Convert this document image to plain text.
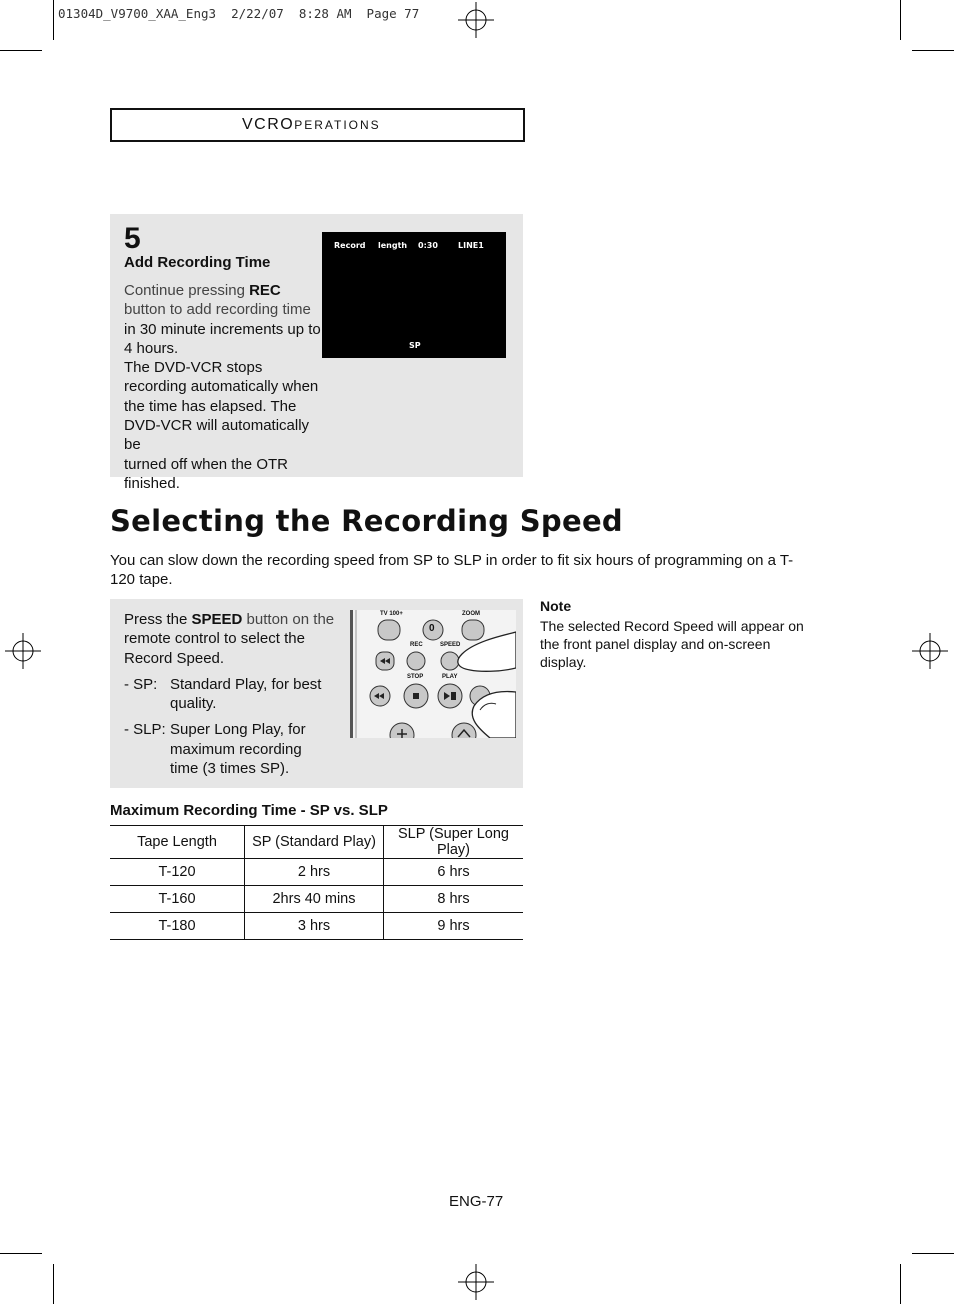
01304D_V9700_XAA_Eng3  2/22/07  8:28 AM  Page 77
VCR O PERATIONS
5
Add Recording Time
Continue pressing REC
button to add recording time
in 30 minute increments up to
4 hours.
The DVD-VCR stops
recording automatically when
the time has elapsed. The
DVD-VCR will automatically be
turned off when the OTR
finished.
Record length 0:30	LINE1
SP
Selecting the Recording Speed
You can slow down the recording speed from SP to SLP in order to fit six hours of programming on a T-120 tape.
Press the SPEED button on the
remote control to select the
Record Speed.
- SP: Standard Play, for best
quality.
- SLP: Super Long Play, for
maximum recording
time (3 times SP).
TV 100+	ZOOM
0
REC	SPEED
STOP	PLAY
Note
The selected Record Speed will appear on the front panel display and on-screen display.
Maximum Recording Time - SP vs. SLP
Tape Length	SP (Standard Play)	SLP (Super Long Play)
T-120	2 hrs	6 hrs
T-160	2hrs 40 mins	8 hrs
T-180	3 hrs	9 hrs
ENG-77
